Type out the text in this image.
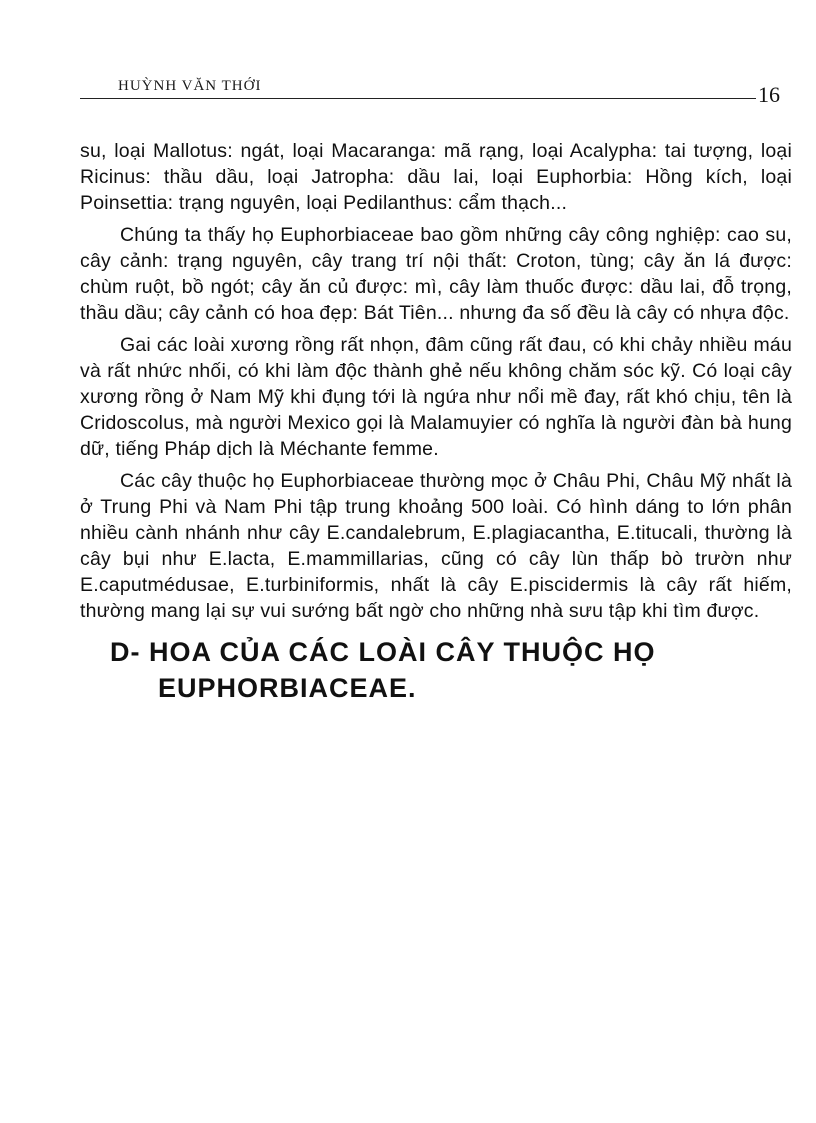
HUỲNH VĂN THỚI	16

su, loại Mallotus: ngát, loại Macaranga: mã rạng, loại Acalypha: tai tượng, loại Ricinus: thầu dầu, loại Jatropha: dầu lai, loại Euphorbia: Hồng kích, loại Poinsettia: trạng nguyên, loại Pedilanthus: cẩm thạch...

Chúng ta thấy họ Euphorbiaceae bao gồm những cây công nghiệp: cao su, cây cảnh: trạng nguyên, cây trang trí nội thất: Croton, tùng; cây ăn lá được: chùm ruột, bồ ngót; cây ăn củ được: mì, cây làm thuốc được: dầu lai, đỗ trọng, thầu dầu; cây cảnh có hoa đẹp: Bát Tiên... nhưng đa số đều là cây có nhựa độc.

Gai các loài xương rồng rất nhọn, đâm cũng rất đau, có khi chảy nhiều máu và rất nhức nhối, có khi làm độc thành ghẻ nếu không chăm sóc kỹ. Có loại cây xương rồng ở Nam Mỹ khi đụng tới là ngứa như nổi mề đay, rất khó chịu, tên là Cridoscolus, mà người Mexico gọi là Malamuyier có nghĩa là người đàn bà hung dữ, tiếng Pháp dịch là Méchante femme.

Các cây thuộc họ Euphorbiaceae thường mọc ở Châu Phi, Châu Mỹ nhất là ở Trung Phi và Nam Phi tập trung khoảng 500 loài. Có hình dáng to lớn phân nhiều cành nhánh như cây E.candalebrum, E.plagiacantha, E.titucali, thường là cây bụi như E.lacta, E.mammillarias, cũng có cây lùn thấp bò trườn như E.caputmédusae, E.turbiniformis, nhất là cây E.piscidermis là cây rất hiếm, thường mang lại sự vui sướng bất ngờ cho những nhà sưu tập khi tìm được.

D- HOA CỦA CÁC LOÀI CÂY THUỘC HỌ
EUPHORBIACEAE.
